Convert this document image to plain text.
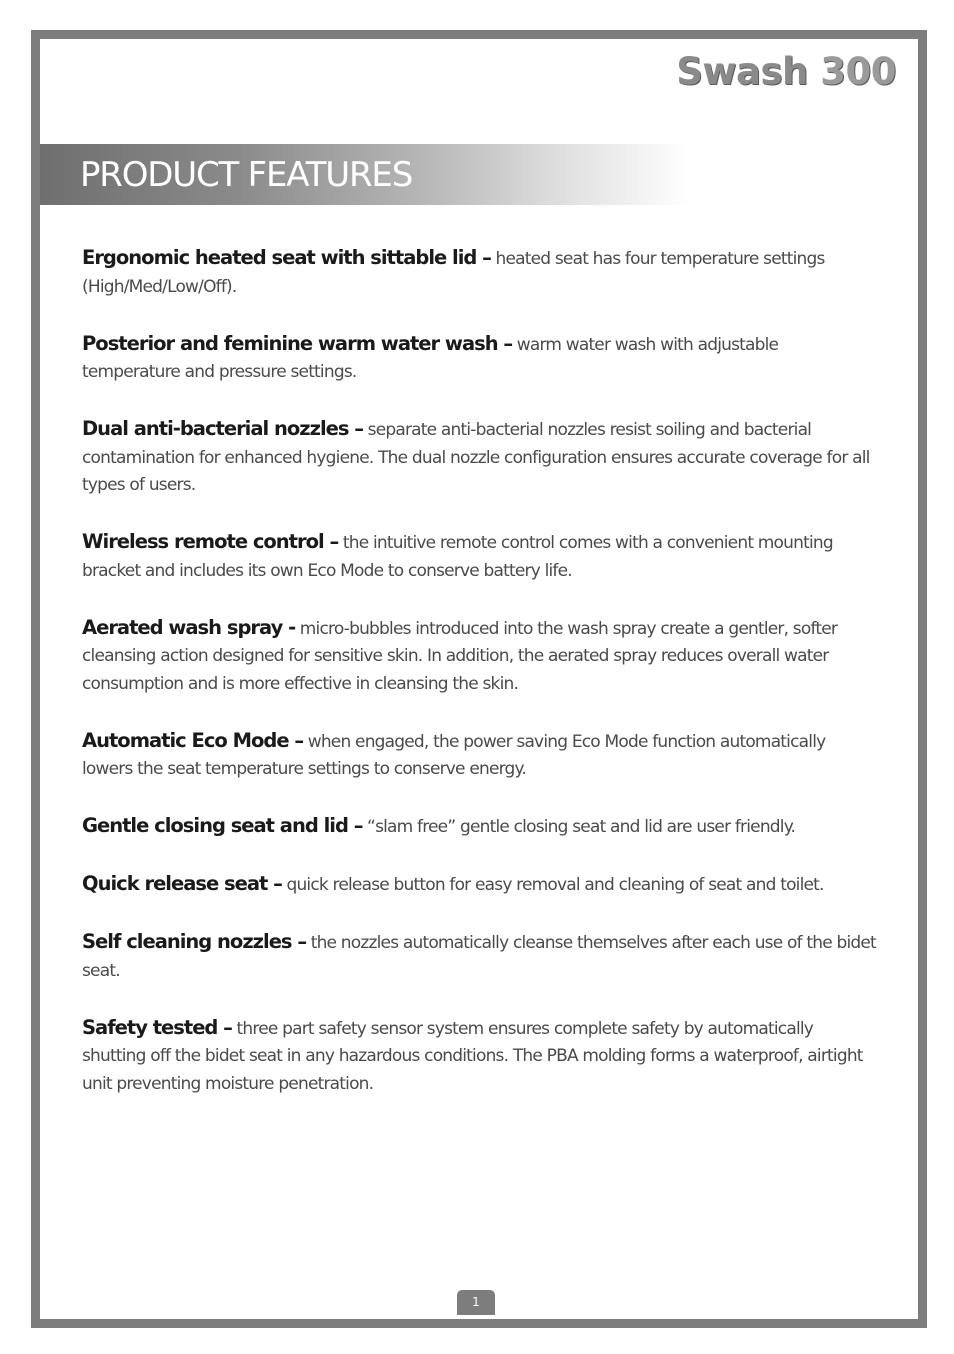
Swash 300
PRODUCT FEATURES
Ergonomic heated seat with sittable lid – heated seat has four temperature settings (High/Med/Low/Off).
Posterior and feminine warm water wash – warm water wash with adjustable temperature and pressure settings.
Dual anti-bacterial nozzles – separate anti-bacterial nozzles resist soiling and bacterial contamination for enhanced hygiene. The dual nozzle configuration ensures accurate coverage for all types of users.
Wireless remote control – the intuitive remote control comes with a convenient mounting bracket and includes its own Eco Mode to conserve battery life.
Aerated wash spray - micro-bubbles introduced into the wash spray create a gentler, softer cleansing action designed for sensitive skin. In addition, the aerated spray reduces overall water consumption and is more effective in cleansing the skin.
Automatic Eco Mode – when engaged, the power saving Eco Mode function automatically lowers the seat temperature settings to conserve energy.
Gentle closing seat and lid – “slam free” gentle closing seat and lid are user friendly.
Quick release seat – quick release button for easy removal and cleaning of seat and toilet.
Self cleaning nozzles – the nozzles automatically cleanse themselves after each use of the bidet seat.
Safety tested – three part safety sensor system ensures complete safety by automatically shutting off the bidet seat in any hazardous conditions. The PBA molding forms a waterproof, airtight unit preventing moisture penetration.
1
